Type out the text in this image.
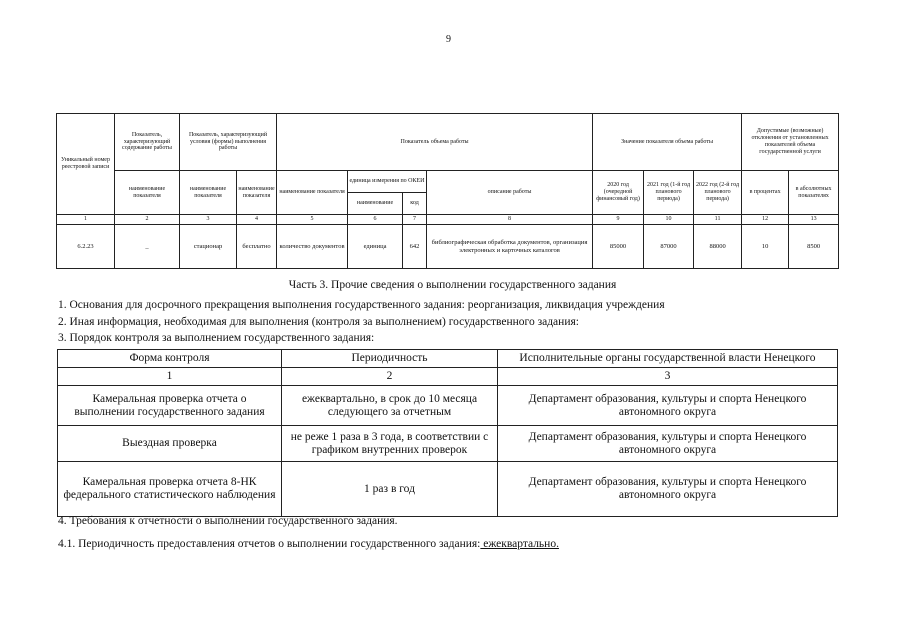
9
Уникальный номер реестровой записи	Показатель, характеризующий содержание работы	Показатель, характеризующий условия (формы) выполнения работы		Показатель объема работы				Значение показателя объема работы			Допустимые (возможные) отклонения от установленных показателей объема государственной услуги	
	наименование показателя	наименование показателя	наименование показателя	наименование показателя	единица измерения по ОКЕИ		описание работы	2020 год (очередной финансовый год)	2021 год (1-й год планового периода)	2022 год (2-й год планового периода)	в процентах	в абсолютных показателях
					наименование	код						
1	2	3	4	5	6	7	8	9	10	11	12	13
6.2.23	_	стационар	бесплатно	количество документов	единица	642	библиографическая обработка документов, организация электронных и карточных каталогов	85000	87000	88000	10	8500
Часть 3. Прочие сведения о выполнении государственного задания
1. Основания для досрочного прекращения выполнения государственного задания: реорганизация, ликвидация учреждения
2. Иная информация, необходимая для выполнения (контроля за выполнением) государственного задания:
3. Порядок контроля за выполнением государственного задания:
Форма контроля	Периодичность	Исполнительные органы государственной власти Ненецкого
1	2	3
Камеральная проверка отчета о выполнении государственного задания	ежеквартально, в срок до 10 месяца следующего за отчетным	Департамент образования, культуры и спорта Ненецкого автономного округа
Выездная проверка	не реже 1 раза в 3 года, в соответствии с графиком внутренних проверок	Департамент образования, культуры и спорта Ненецкого автономного округа
Камеральная проверка отчета 8-НК федерального статистического наблюдения	1 раз в год	Департамент образования, культуры и спорта Ненецкого автономного округа
4. Требования к отчетности о выполнении государственного задания.
4.1. Периодичность предоставления отчетов о выполнении государственного задания: ежеквартально.
